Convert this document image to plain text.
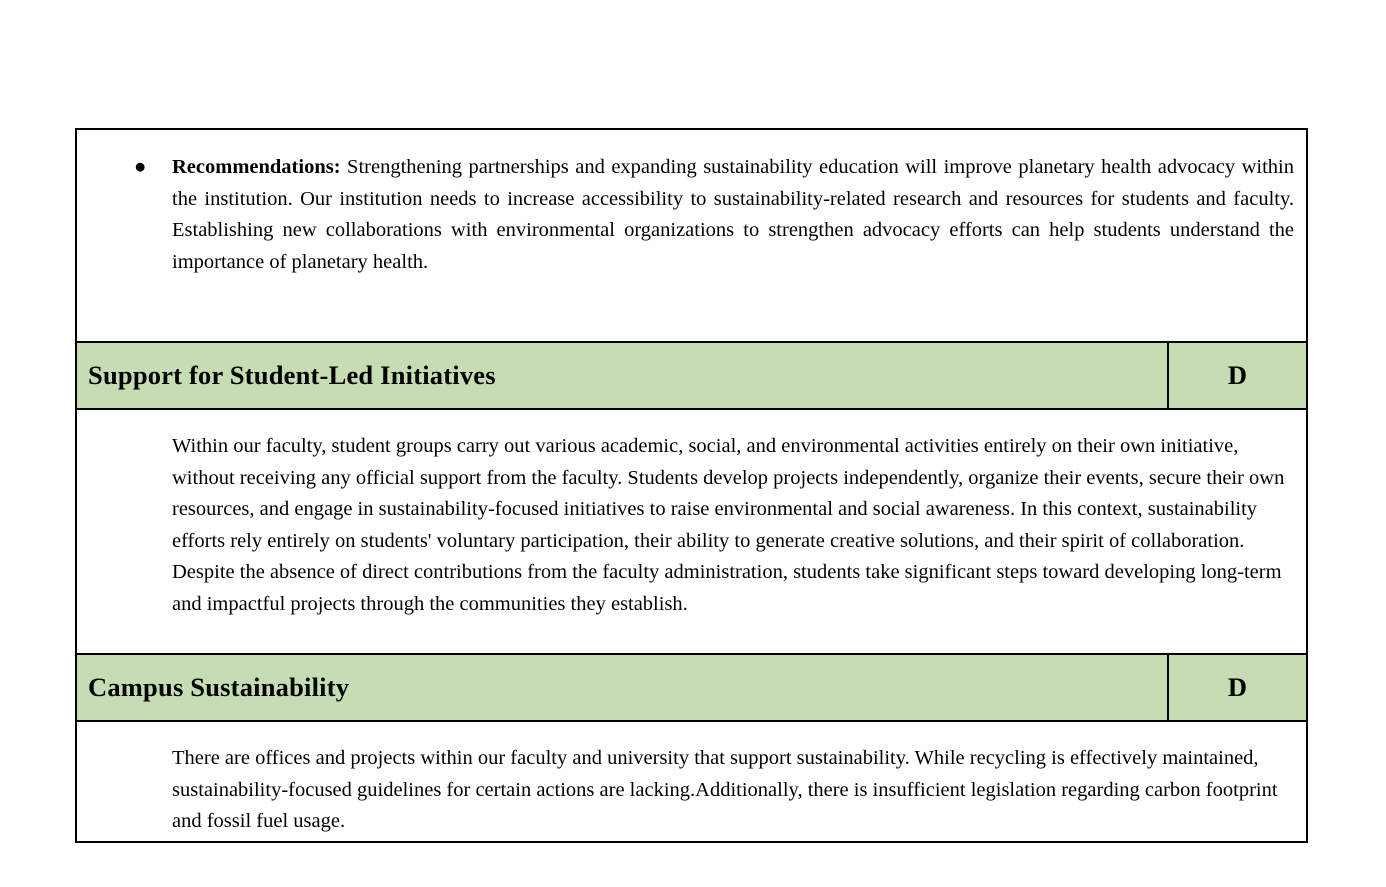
● Recommendations: Strengthening partnerships and expanding sustainability education will improve planetary health advocacy within the institution. Our institution needs to increase accessibility to sustainability-related research and resources for students and faculty. Establishing new collaborations with environmental organizations to strengthen advocacy efforts can help students understand the importance of planetary health.

Support for Student-Led Initiatives	D

Within our faculty, student groups carry out various academic, social, and environmental activities entirely on their own initiative, without receiving any official support from the faculty. Students develop projects independently, organize their events, secure their own resources, and engage in sustainability-focused initiatives to raise environmental and social awareness. In this context, sustainability efforts rely entirely on students' voluntary participation, their ability to generate creative solutions, and their spirit of collaboration. Despite the absence of direct contributions from the faculty administration, students take significant steps toward developing long-term and impactful projects through the communities they establish.

Campus Sustainability	D

There are offices and projects within our faculty and university that support sustainability. While recycling is effectively maintained, sustainability-focused guidelines for certain actions are lacking.Additionally, there is insufficient legislation regarding carbon footprint and fossil fuel usage.
